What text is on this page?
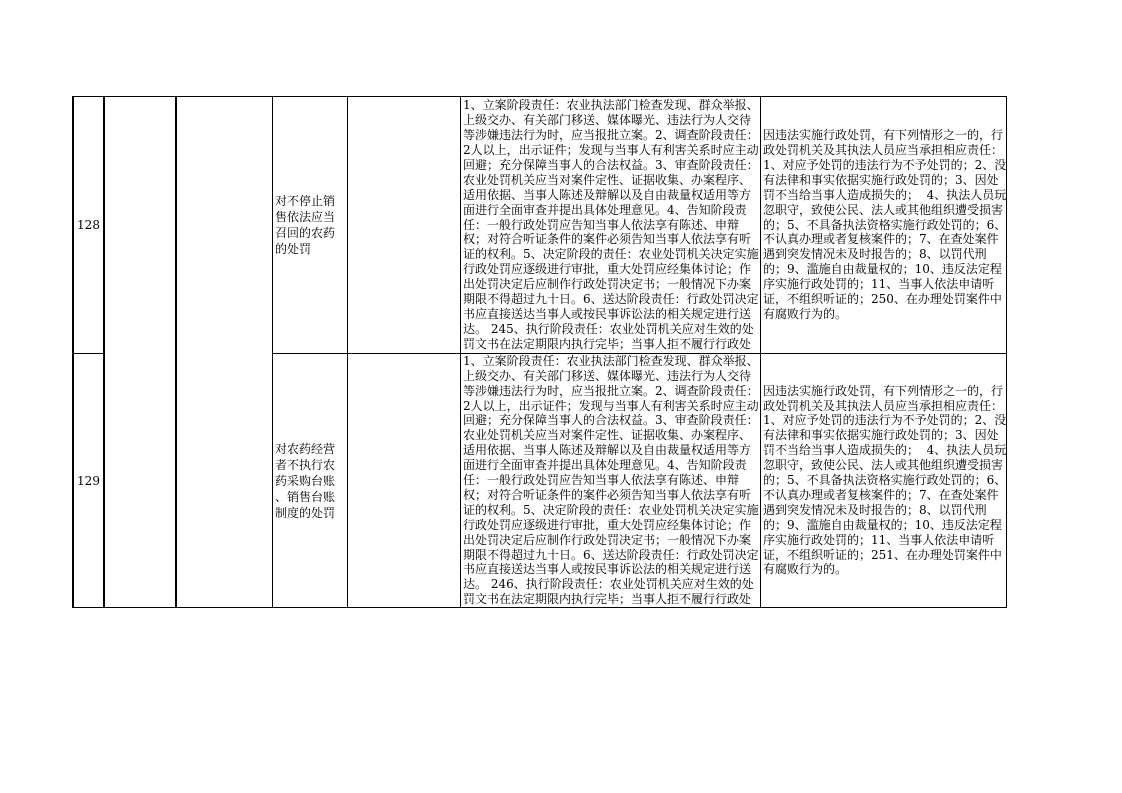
128
对不停止销
售依法应当
召回的农药
的处罚
1、立案阶段责任：农业执法部门检查发现、群众举报、
上级交办、有关部门移送、媒体曝光、违法行为人交待
等涉嫌违法行为时，应当报批立案。2、调查阶段责任：
2人以上，出示证件；发现与当事人有利害关系时应主动
回避；充分保障当事人的合法权益。3、审查阶段责任：
农业处罚机关应当对案件定性、证据收集、办案程序、
适用依据、当事人陈述及辩解以及自由裁量权适用等方
面进行全面审查并提出具体处理意见。4、告知阶段责
任：一般行政处罚应告知当事人依法享有陈述、申辩
权；对符合听证条件的案件必须告知当事人依法享有听
证的权利。5、决定阶段的责任：农业处罚机关决定实施
行政处罚应逐级进行审批，重大处罚应经集体讨论；作
出处罚决定后应制作行政处罚决定书；一般情况下办案
期限不得超过九十日。6、送达阶段责任：行政处罚决定
书应直接送达当事人或按民事诉讼法的相关规定进行送
达。 245、执行阶段责任：农业处罚机关应对生效的处
罚文书在法定期限内执行完毕；当事人拒不履行行政处
因违法实施行政处罚，有下列情形之一的，行
政处罚机关及其执法人员应当承担相应责任：
1、对应予处罚的违法行为不予处罚的；2、没
有法律和事实依据实施行政处罚的；3、因处
罚不当给当事人造成损失的；  4、执法人员玩
忽职守，致使公民、法人或其他组织遭受损害
的；5、不具备执法资格实施行政处罚的；6、
不认真办理或者复核案件的；7、在查处案件
遇到突发情况未及时报告的；8、以罚代刑
的；9、滥施自由裁量权的；10、违反法定程
序实施行政处罚的；11、当事人依法申请听
证，不组织听证的；250、在办理处罚案件中
有腐败行为的。
129
对农药经营
者不执行农
药采购台账
、销售台账
制度的处罚
1、立案阶段责任：农业执法部门检查发现、群众举报、
上级交办、有关部门移送、媒体曝光、违法行为人交待
等涉嫌违法行为时，应当报批立案。2、调查阶段责任：
2人以上，出示证件；发现与当事人有利害关系时应主动
回避；充分保障当事人的合法权益。3、审查阶段责任：
农业处罚机关应当对案件定性、证据收集、办案程序、
适用依据、当事人陈述及辩解以及自由裁量权适用等方
面进行全面审查并提出具体处理意见。4、告知阶段责
任：一般行政处罚应告知当事人依法享有陈述、申辩
权；对符合听证条件的案件必须告知当事人依法享有听
证的权利。5、决定阶段的责任：农业处罚机关决定实施
行政处罚应逐级进行审批，重大处罚应经集体讨论；作
出处罚决定后应制作行政处罚决定书；一般情况下办案
期限不得超过九十日。6、送达阶段责任：行政处罚决定
书应直接送达当事人或按民事诉讼法的相关规定进行送
达。 246、执行阶段责任：农业处罚机关应对生效的处
罚文书在法定期限内执行完毕；当事人拒不履行行政处
因违法实施行政处罚，有下列情形之一的，行
政处罚机关及其执法人员应当承担相应责任：
1、对应予处罚的违法行为不予处罚的；2、没
有法律和事实依据实施行政处罚的；3、因处
罚不当给当事人造成损失的；  4、执法人员玩
忽职守，致使公民、法人或其他组织遭受损害
的；5、不具备执法资格实施行政处罚的；6、
不认真办理或者复核案件的；7、在查处案件
遇到突发情况未及时报告的；8、以罚代刑
的；9、滥施自由裁量权的；10、违反法定程
序实施行政处罚的；11、当事人依法申请听
证，不组织听证的；251、在办理处罚案件中
有腐败行为的。
